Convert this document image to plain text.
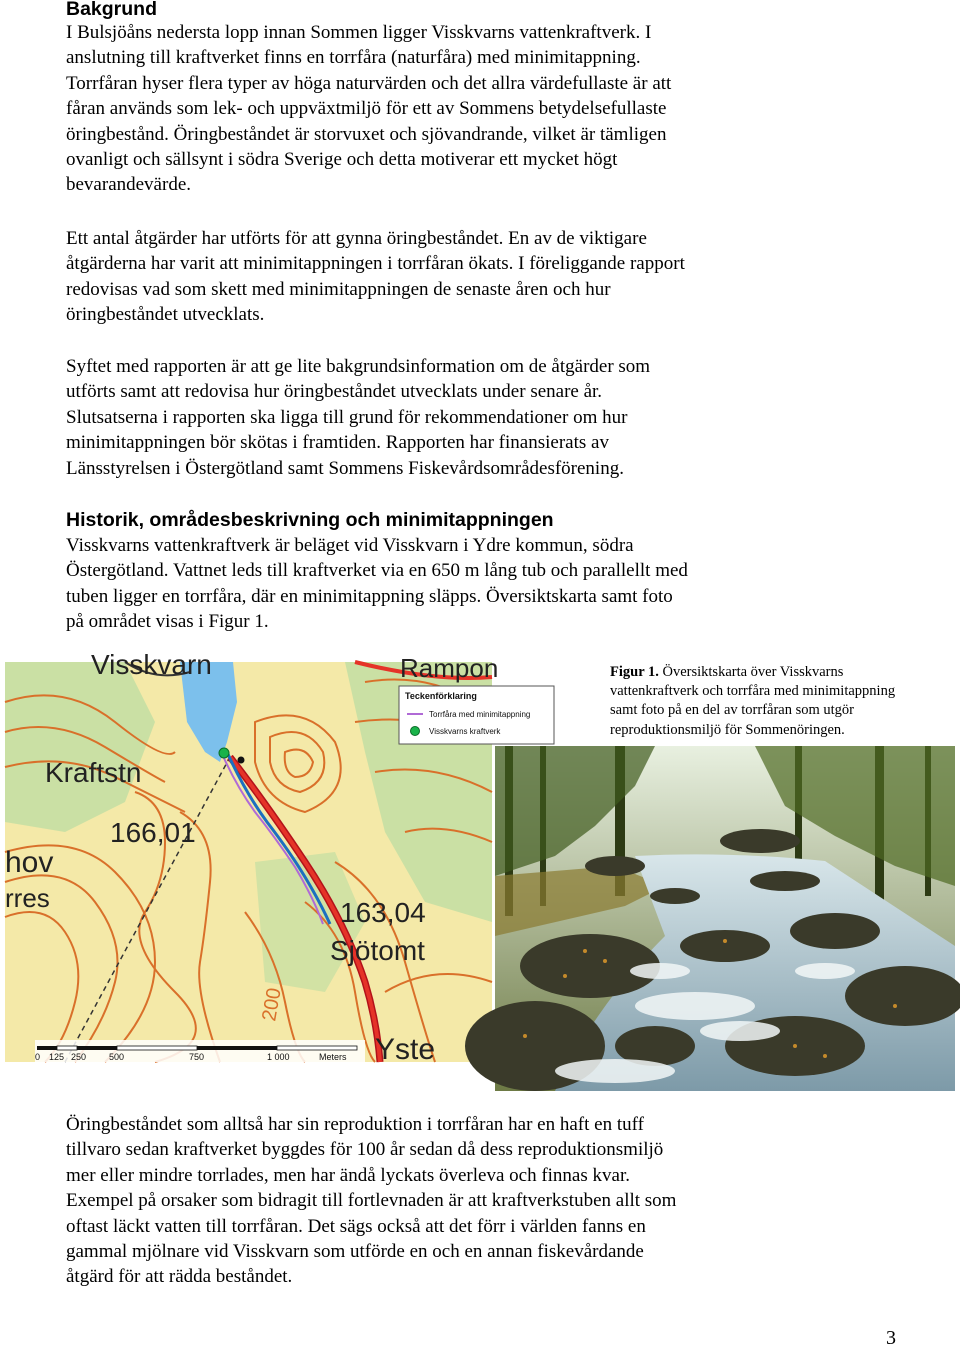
Bakgrund
I Bulsjöåns nedersta lopp innan Sommen ligger Visskvarns vattenkraftverk. I
anslutning till kraftverket finns en torrfåra (naturfåra) med minimitappning.
Torrfåran hyser flera typer av höga naturvärden och det allra värdefullaste är att
fåran används som lek- och uppväxtmiljö för ett av Sommens betydelsefullaste
öringbestånd. Öringbeståndet är storvuxet och sjövandrande, vilket är tämligen
ovanligt och sällsynt i södra Sverige och detta motiverar ett mycket högt
bevarandevärde.
Ett antal åtgärder har utförts för att gynna öringbeståndet. En av de viktigare
åtgärderna har varit att minimitappningen i torrfåran ökats. I föreliggande rapport
redovisas vad som skett med minimitappningen de senaste åren och hur
öringbeståndet utvecklats.
Syftet med rapporten är att ge lite bakgrundsinformation om de åtgärder som
utförts samt att redovisa hur öringbeståndet utvecklats under senare år.
Slutsatserna i rapporten ska ligga till grund för rekommendationer om hur
minimitappningen bör skötas i framtiden. Rapporten har finansierats av
Länsstyrelsen i Östergötland samt Sommens Fiskevårdsområdesförening.
Historik, områdesbeskrivning och minimitappningen
Visskvarns vattenkraftverk är beläget vid Visskvarn i Ydre kommun, södra
Östergötland. Vattnet leds till kraftverket via en 650 m lång tub och parallellt med
tuben ligger en torrfåra, där en minimitappning släpps. Översiktskarta samt foto
på området visas i Figur 1.
Visskvarn	Rampon
Kraftstn
hov
rres
166,01
163,04
Sjötomt
Yste
200
Teckenförklaring
Torrfåra med minimitappning
Visskvarns kraftverk
0 125 250	500	750	1 000	Meters
Figur 1. Översiktskarta över Visskvarns
vattenkraftverk och torrfåra med minimitappning
samt foto på en del av torrfåran som utgör
reproduktionsmiljö för Sommenöringen.
Öringbeståndet som alltså har sin reproduktion i torrfåran har en haft en tuff
tillvaro sedan kraftverket byggdes för 100 år sedan då dess reproduktionsmiljö
mer eller mindre torrlades, men har ändå lyckats överleva och finnas kvar.
Exempel på orsaker som bidragit till fortlevnaden är att kraftverkstuben allt som
oftast läckt vatten till torrfåran. Det sägs också att det förr i världen fanns en
gammal mjölnare vid Visskvarn som utförde en och en annan fiskevårdande
åtgärd för att rädda beståndet.
3
